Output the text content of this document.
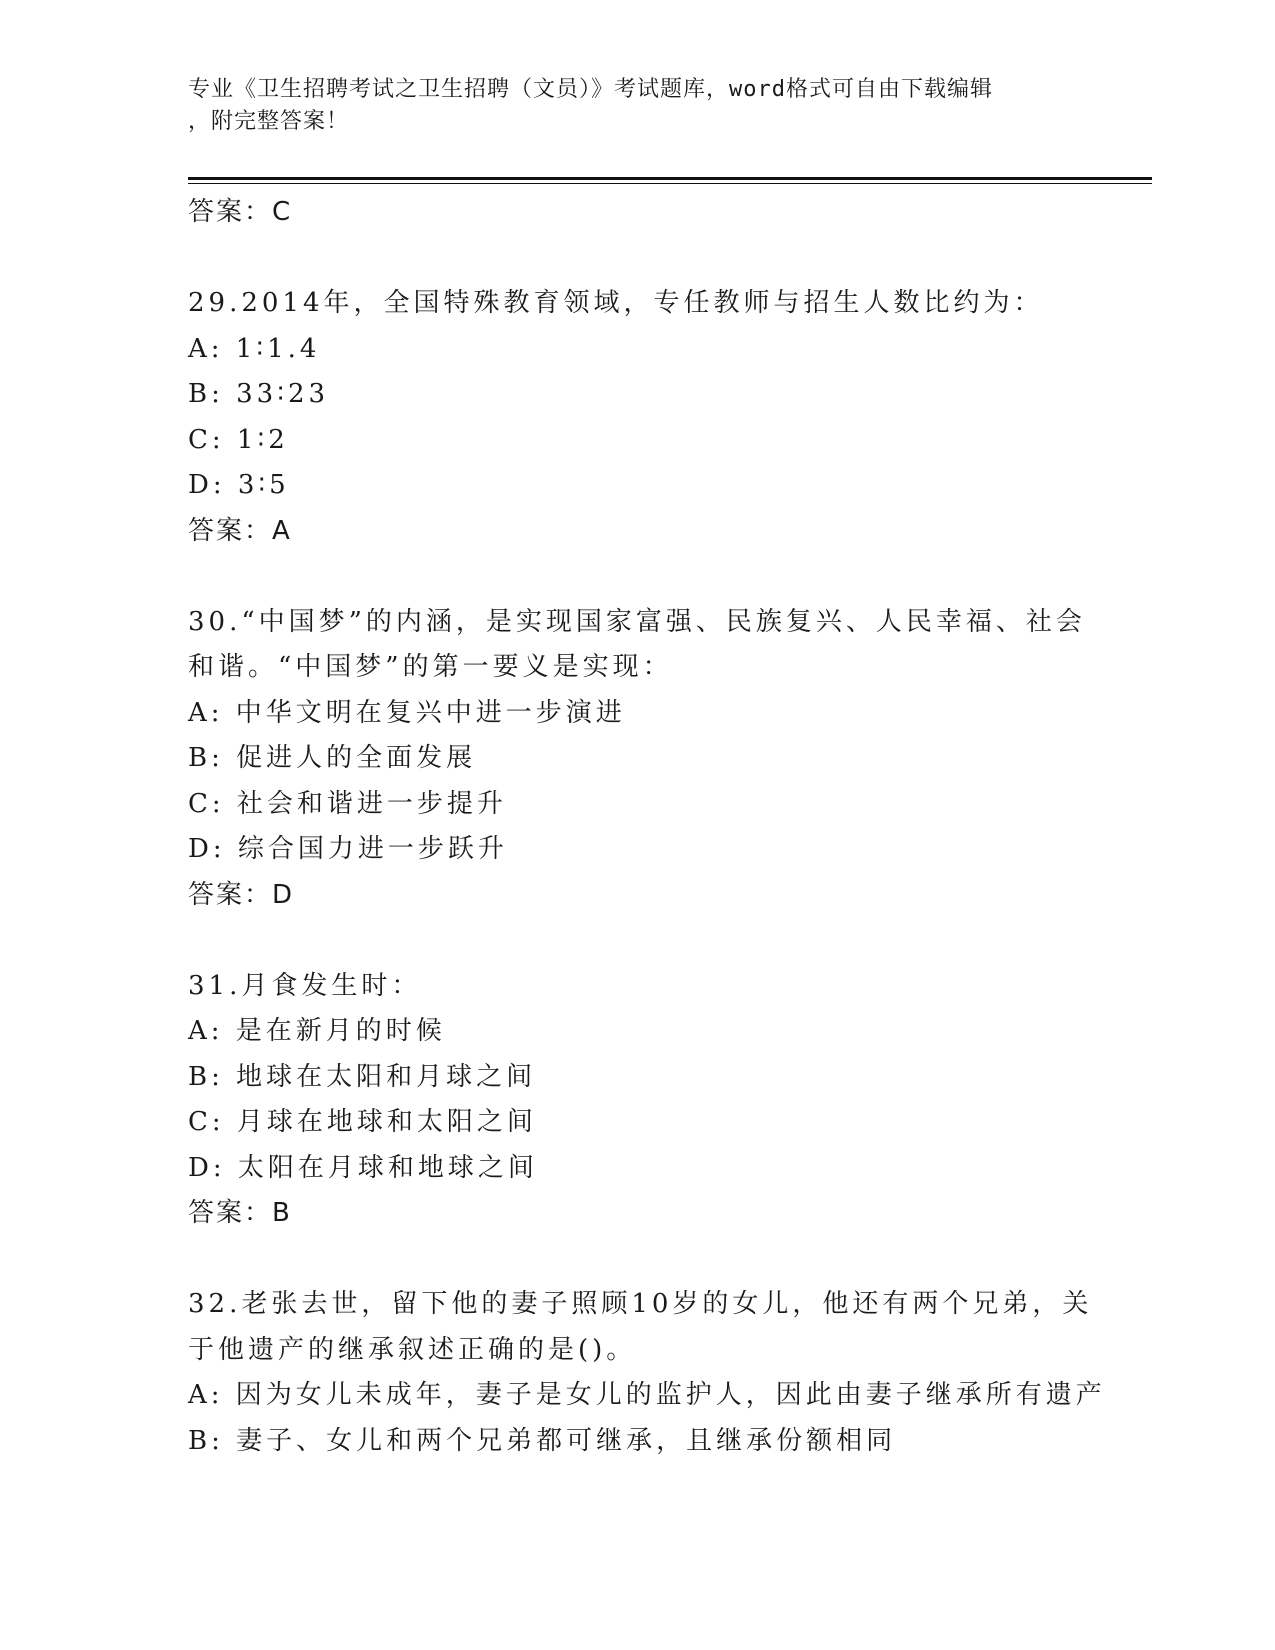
专业《卫生招聘考试之卫生招聘（文员）》考试题库，word格式可自由下载编辑
，附完整答案！
答案：C
29.2014年，全国特殊教育领域，专任教师与招生人数比约为：
A: 1∶1.4
B: 33∶23
C: 1∶2
D: 3∶5
答案：A
30.“中国梦”的内涵，是实现国家富强、民族复兴、人民幸福、社会
和谐。“中国梦”的第一要义是实现：
A: 中华文明在复兴中进一步演进
B: 促进人的全面发展
C: 社会和谐进一步提升
D: 综合国力进一步跃升
答案：D
31.月食发生时：
A: 是在新月的时候
B: 地球在太阳和月球之间
C: 月球在地球和太阳之间
D: 太阳在月球和地球之间
答案：B
32.老张去世，留下他的妻子照顾10岁的女儿，他还有两个兄弟，关
于他遗产的继承叙述正确的是()。
A: 因为女儿未成年，妻子是女儿的监护人，因此由妻子继承所有遗产
B: 妻子、女儿和两个兄弟都可继承，且继承份额相同
